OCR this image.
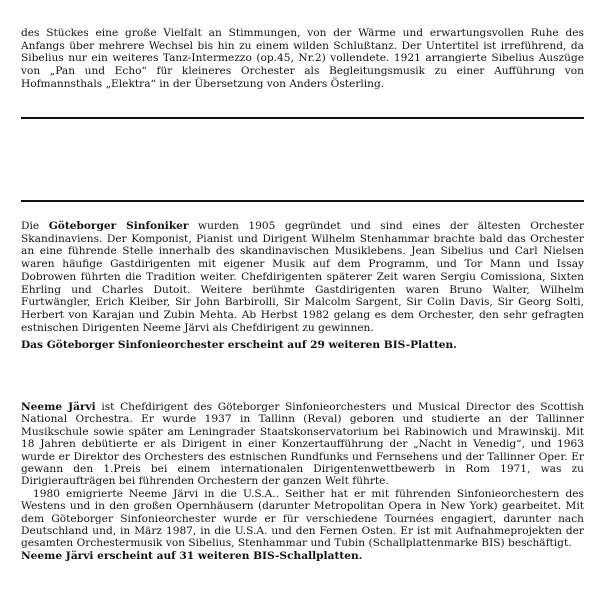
des Stückes eine große Vielfalt an Stimmungen, von der Wärme und erwartungsvollen Ruhe des Anfangs über mehrere Wechsel bis hin zu einem wilden Schlußtanz. Der Untertitel ist irreführend, da Sibelius nur ein weiteres Tanz-Intermezzo (op.45, Nr.2) vollendete. 1921 arrangierte Sibelius Auszüge von „Pan und Echo“ für kleineres Orchester als Begleitungsmusik zu einer Aufführung von Hofmannsthals „Elektra“ in der Übersetzung von Anders Österling.

Die Göteborger Sinfoniker wurden 1905 gegründet und sind eines der ältesten Orchester Skandinaviens. Der Komponist, Pianist und Dirigent Wilhelm Stenhammar brachte bald das Orchester an eine führende Stelle innerhalb des skandinavischen Musiklebens. Jean Sibelius und Carl Nielsen waren häufige Gastdirigenten mit eigener Musik auf dem Programm, und Tor Mann und Issay Dobrowen führten die Tradition weiter. Chefdirigenten späterer Zeit waren Sergiu Comissiona, Sixten Ehrling und Charles Dutoit. Weitere berühmte Gastdirigenten waren Bruno Walter, Wilhelm Furtwängler, Erich Kleiber, Sir John Barbirolli, Sir Malcolm Sargent, Sir Colin Davis, Sir Georg Solti, Herbert von Karajan und Zubin Mehta. Ab Herbst 1982 gelang es dem Orchester, den sehr gefragten estnischen Dirigenten Neeme Järvi als Chefdirigent zu gewinnen.

Das Göteborger Sinfonieorchester erscheint auf 29 weiteren BIS-Platten.

Neeme Järvi ist Chefdirigent des Göteborger Sinfonieorchesters und Musical Director des Scottish National Orchestra. Er wurde 1937 in Tallinn (Reval) geboren und studierte an der Tallinner Musikschule sowie später am Leningrader Staatskonservatorium bei Rabinowich und Mrawinskij. Mit 18 Jahren debütierte er als Dirigent in einer Konzertaufführung der „Nacht in Venedig“, und 1963 wurde er Direktor des Orchesters des estnischen Rundfunks und Fernsehens und der Tallinner Oper. Er gewann den 1.Preis bei einem internationalen Dirigentenwettbewerb in Rom 1971, was zu Dirigieraufträgen bei führenden Orchestern der ganzen Welt führte.

1980 emigrierte Neeme Järvi in die U.S.A.. Seither hat er mit führenden Sinfonieorchestern des Westens und in den großen Opernhäusern (darunter Metropolitan Opera in New York) gearbeitet. Mit dem Göteborger Sinfonieorchester wurde er für verschiedene Tournées engagiert, darunter nach Deutschland und, in März 1987, in die U.S.A. und den Fernen Osten. Er ist mit Aufnahmeprojekten der gesamten Orchestermusik von Sibelius, Stenhammar und Tubin (Schallplattenmarke BIS) beschäftigt.

Neeme Järvi erscheint auf 31 weiteren BIS-Schallplatten.
